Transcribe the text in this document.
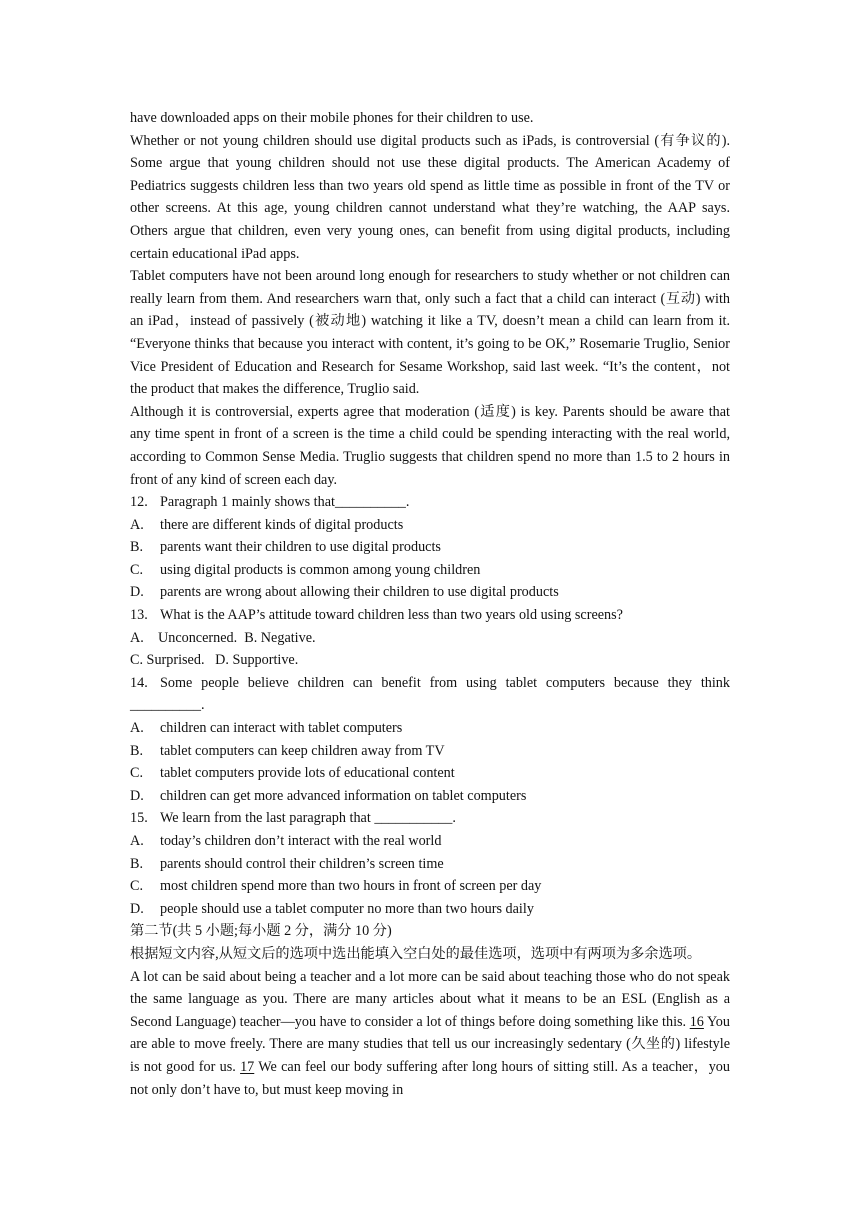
have downloaded apps on their mobile phones for their children to use.

Whether or not young children should use digital products such as iPads, is controversial (有争议的). Some argue that young children should not use these digital products. The American Academy of Pediatrics suggests children less than two years old spend as little time as possible in front of the TV or other screens. At this age, young children cannot understand what they’re watching, the AAP says. Others argue that children, even very young ones, can benefit from using digital products, including certain educational iPad apps.

Tablet computers have not been around long enough for researchers to study whether or not children can really learn from them. And researchers warn that, only such a fact that a child can interact (互动) with an iPad，instead of passively (被动地) watching it like a TV, doesn’t mean a child can learn from it. “Everyone thinks that because you interact with content, it’s going to be OK,” Rosemarie Truglio, Senior Vice President of Education and Research for Sesame Workshop, said last week. “It’s the content，not the product that makes the difference, Truglio said.

Although it is controversial, experts agree that moderation (适度) is key. Parents should be aware that any time spent in front of a screen is the time a child could be spending interacting with the real world, according to Common Sense Media. Truglio suggests that children spend no more than 1.5 to 2 hours in front of any kind of screen each day.

12. Paragraph 1 mainly shows that__________.
A. there are different kinds of digital products
B. parents want their children to use digital products
C. using digital products is common among young children
D. parents are wrong about allowing their children to use digital products
13. What is the AAP’s attitude toward children less than two years old using screens?
A.    Unconcerned.  B. Negative.
C. Surprised.   D. Supportive.
14. Some people believe children can benefit from using tablet computers because they think __________.
A. children can interact with tablet computers
B. tablet computers can keep children away from TV
C. tablet computers provide lots of educational content
D. children can get more advanced information on tablet computers
15. We learn from the last paragraph that ___________.
A. today’s children don’t interact with the real world
B. parents should control their children’s screen time
C. most children spend more than two hours in front of screen per day
D. people should use a tablet computer no more than two hours daily
第二节(共 5 小题;每小题 2 分，满分 10 分)
根据短文内容,从短文后的选项中选出能填入空白处的最佳选项，选项中有两项为多余选项。

A lot can be said about being a teacher and a lot more can be said about teaching those who do not speak the same language as you. There are many articles about what it means to be an ESL (English as a Second Language) teacher—you have to consider a lot of things before doing something like this. 16 You are able to move freely. There are many studies that tell us our increasingly sedentary (久坐的) lifestyle is not good for us. 17 We can feel our body suffering after long hours of sitting still. As a teacher，you not only don’t have to, but must keep moving in
